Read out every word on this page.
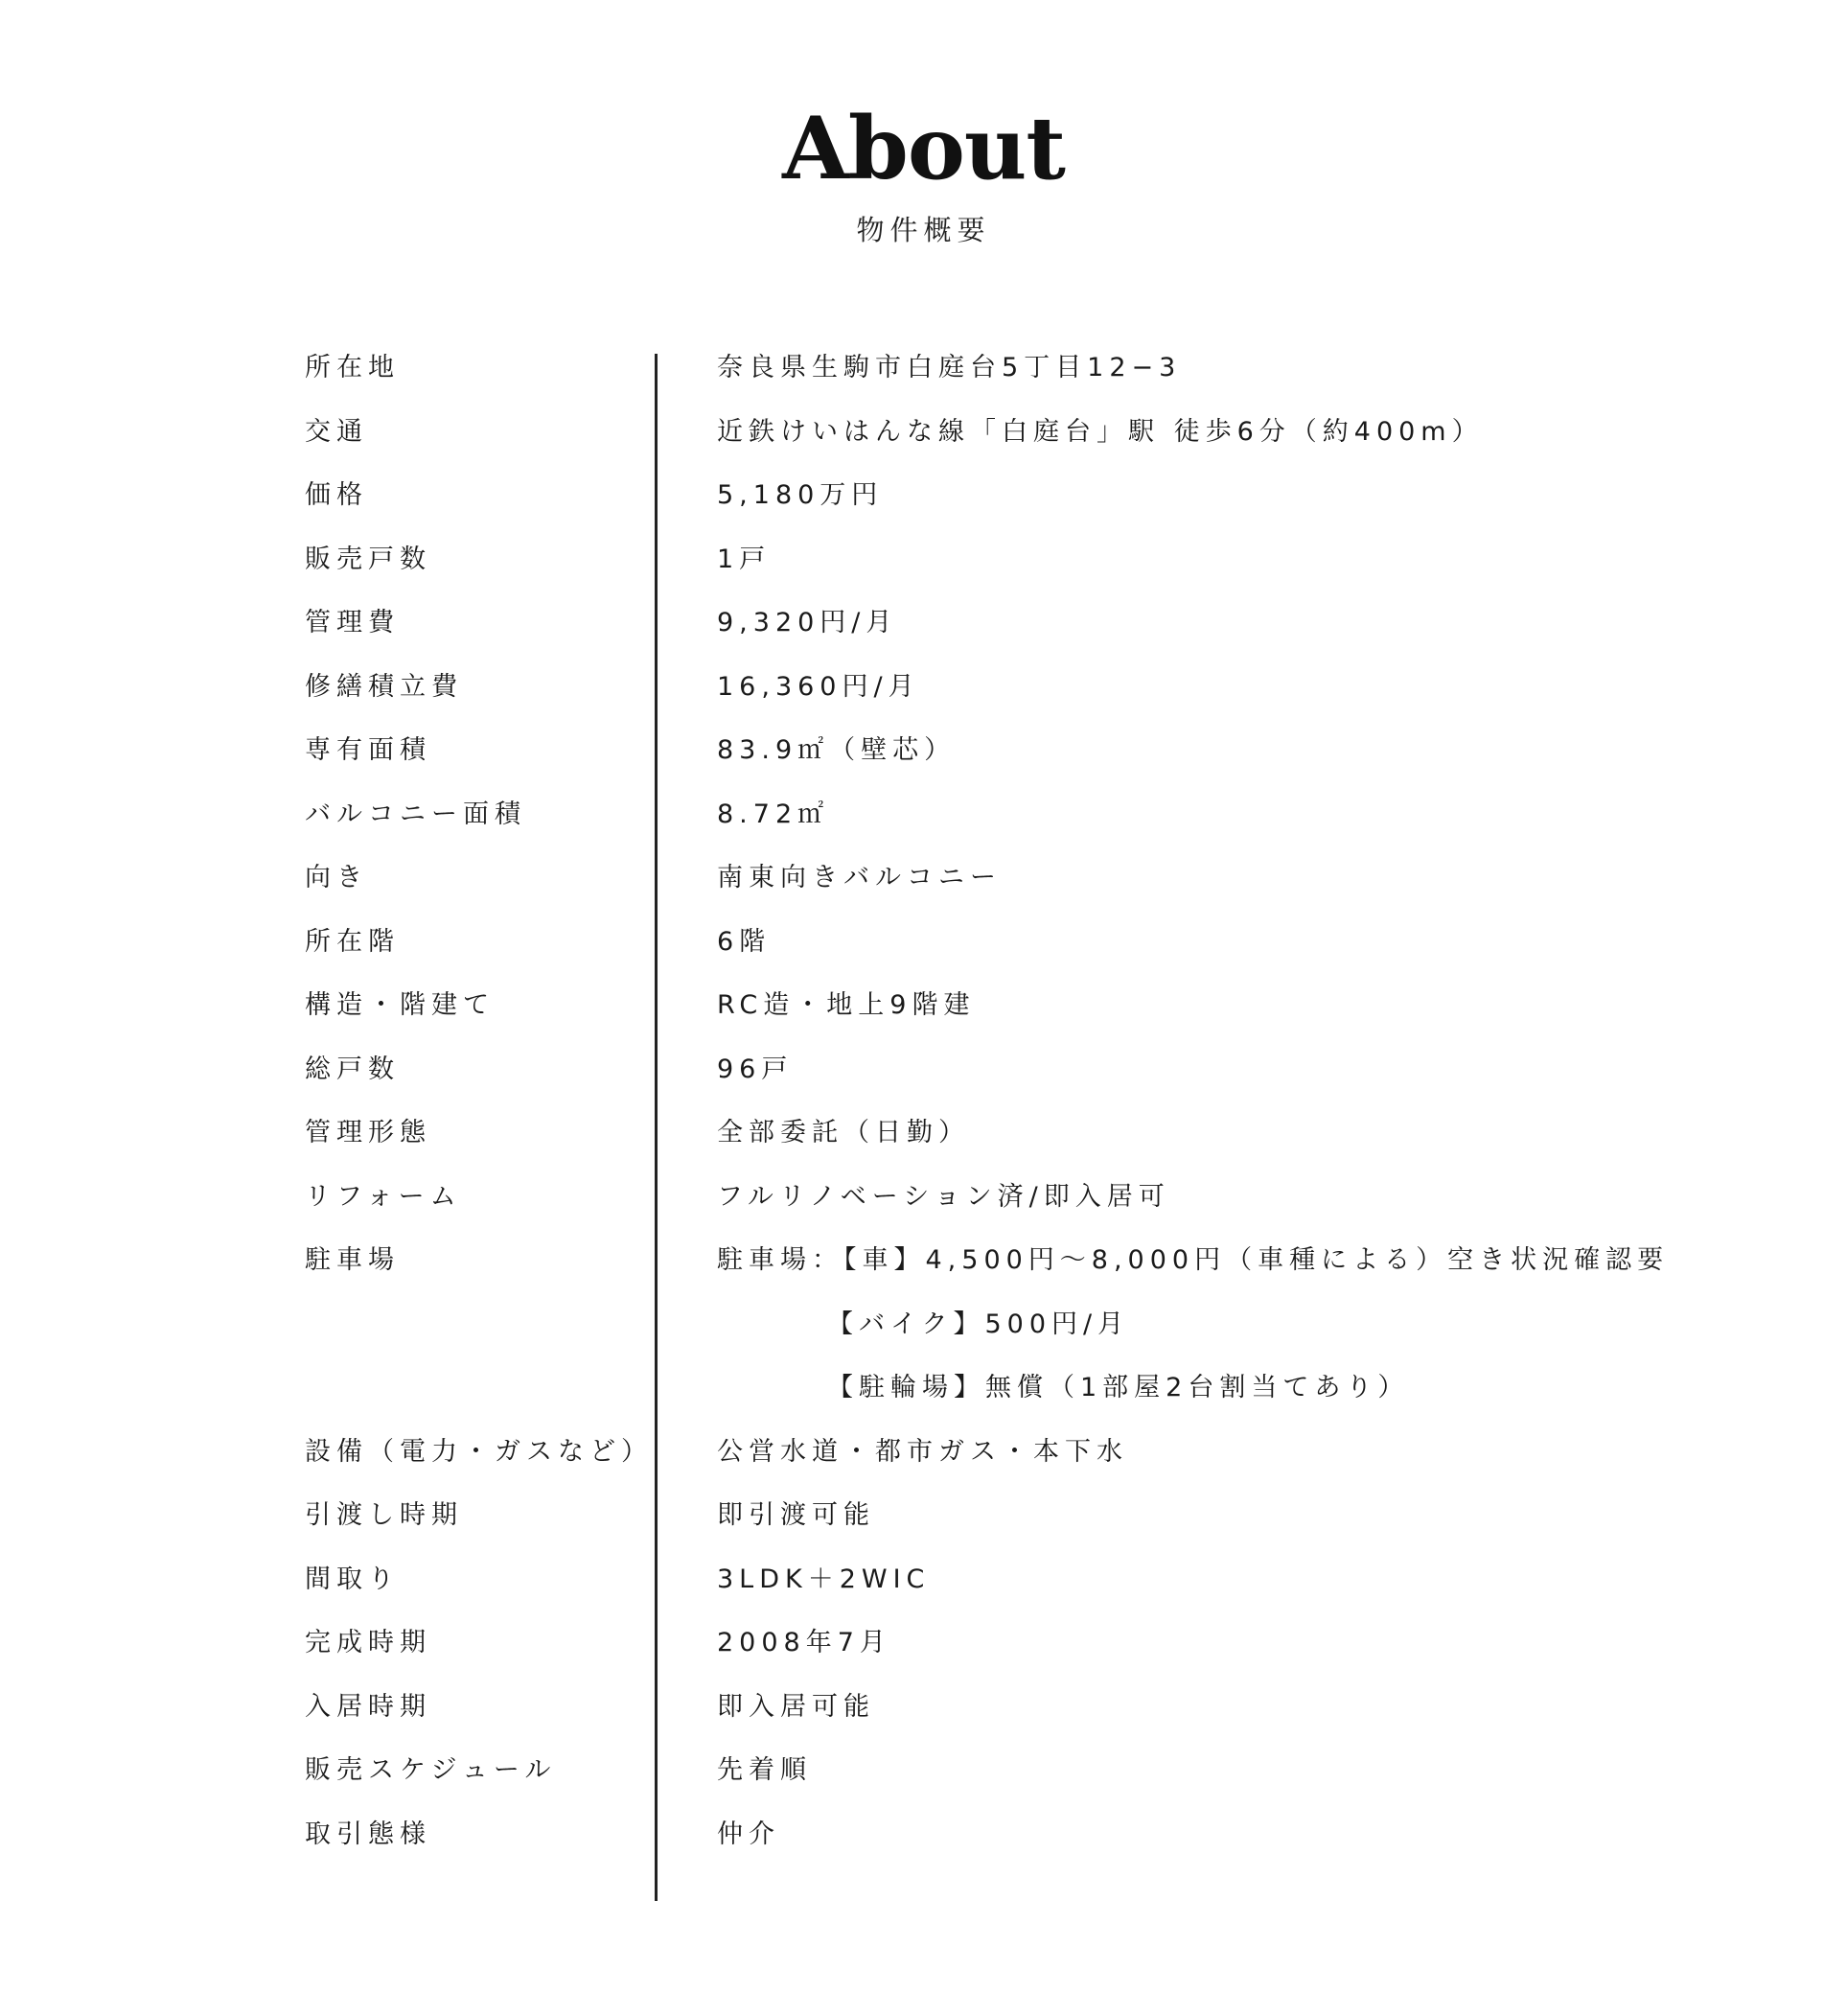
About
物件概要
所在地	奈良県生駒市白庭台5丁目12−3
交通	近鉄けいはんな線「白庭台」駅 徒歩6分（約400m）
価格	5,180万円
販売戸数	1戸
管理費	9,320円/月
修繕積立費	16,360円/月
専有面積	83.9㎡（壁芯）
バルコニー面積	8.72㎡
向き	南東向きバルコニー
所在階	6階
構造・階建て	RC造・地上9階建
総戸数	96戸
管理形態	全部委託（日勤）
リフォーム	フルリノベーション済/即入居可
駐車場	駐車場：【車】4,500円〜8,000円（車種による）空き状況確認要
【バイク】500円/月
【駐輪場】無償（1部屋2台割当てあり）
設備（電力・ガスなど） 公営水道・都市ガス・本下水
引渡し時期	即引渡可能
間取り	3LDK＋2WIC
完成時期	2008年7月
入居時期	即入居可能
販売スケジュール	先着順
取引態様	仲介
